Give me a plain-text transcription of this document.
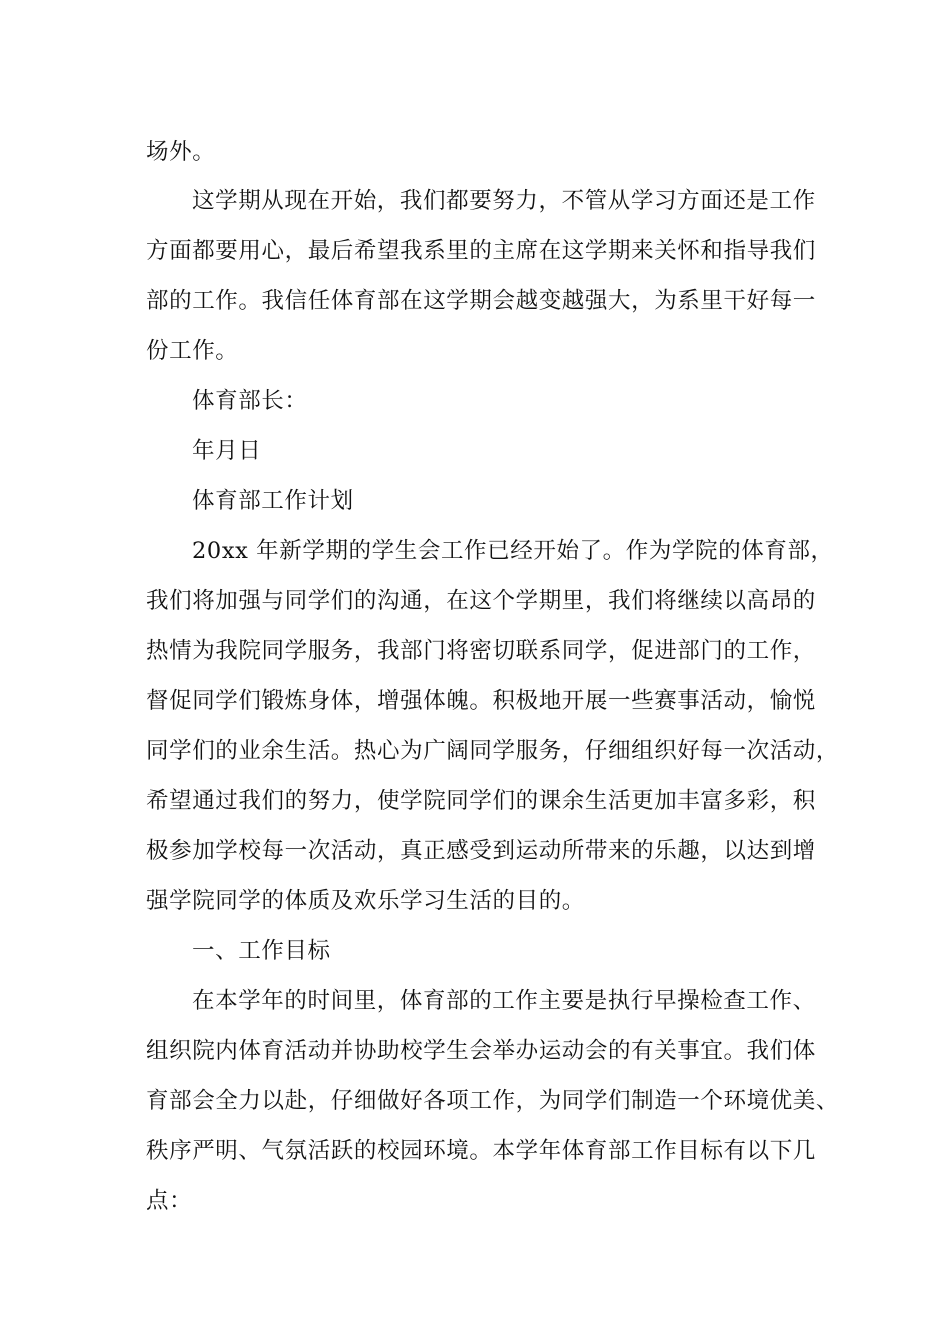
场外。
这学期从现在开始，我们都要努力，不管从学习方面还是工作
方面都要用心，最后希望我系里的主席在这学期来关怀和指导我们
部的工作。我信任体育部在这学期会越变越强大，为系里干好每一
份工作。
体育部长：
年月日
体育部工作计划
20xx 年新学期的学生会工作已经开始了。作为学院的体育部，
我们将加强与同学们的沟通，在这个学期里，我们将继续以高昂的
热情为我院同学服务，我部门将密切联系同学，促进部门的工作，
督促同学们锻炼身体，增强体魄。积极地开展一些赛事活动，愉悦
同学们的业余生活。热心为广阔同学服务，仔细组织好每一次活动，
希望通过我们的努力，使学院同学们的课余生活更加丰富多彩，积
极参加学校每一次活动，真正感受到运动所带来的乐趣，以达到增
强学院同学的体质及欢乐学习生活的目的。
一、工作目标
在本学年的时间里，体育部的工作主要是执行早操检查工作、
组织院内体育活动并协助校学生会举办运动会的有关事宜。我们体
育部会全力以赴，仔细做好各项工作，为同学们制造一个环境优美、
秩序严明、气氛活跃的校园环境。本学年体育部工作目标有以下几
点：
